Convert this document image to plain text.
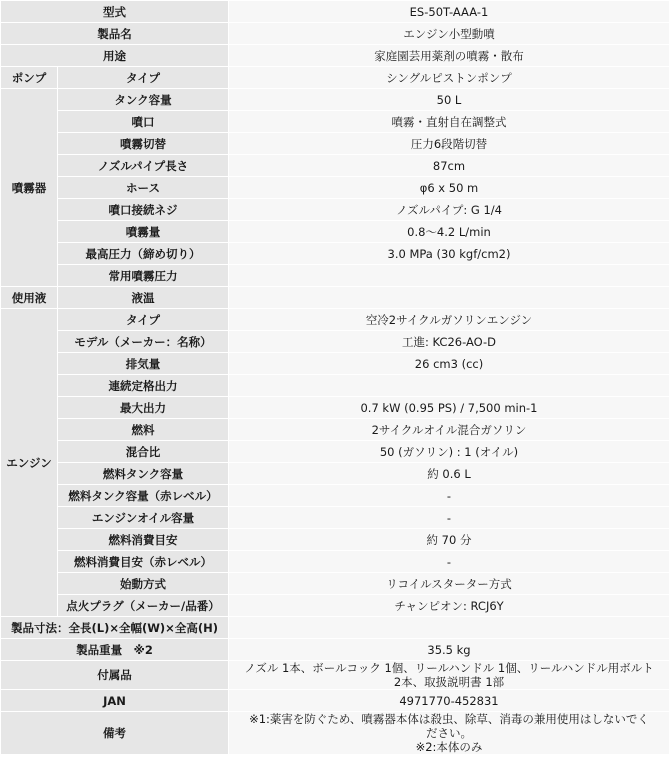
型式		ES-50T-AAA-1
製品名		エンジン小型動噴
用途		家庭園芸用薬剤の噴霧・散布
ポンプ	タイプ	シングルピストンポンプ
噴霧器	タンク容量	50 L
	噴口	噴霧・直射自在調整式
	噴霧切替	圧力6段階切替
	ノズルパイプ長さ	87cm
	ホース	φ6 x 50 m
	噴口接続ネジ	ノズルパイプ: G 1/4
	噴霧量	0.8～4.2 L/min
	最高圧力（締め切り）	3.0 MPa (30 kgf/cm2)
	常用噴霧圧力	
使用液	液温	
エンジン	タイプ	空冷2サイクルガソリンエンジン
	モデル（メーカー：名称）	工進: KC26-AO-D
	排気量	26 cm3 (cc)
	連続定格出力	
	最大出力	0.7 kW (0.95 PS) / 7,500 min-1
	燃料	2サイクルオイル混合ガソリン
	混合比	50 (ガソリン) : 1 (オイル)
	燃料タンク容量	約 0.6 L
	燃料タンク容量（赤レベル）	-
	エンジンオイル容量	-
	燃料消費目安	約 70 分
	燃料消費目安（赤レベル）	-
	始動方式	リコイルスターター方式
	点火プラグ（メーカー/品番）	チャンピオン: RCJ6Y
製品寸法：全長(L)×全幅(W)×全高(H)		
製品重量　※2		35.5 kg
付属品		ノズル 1本、ボールコック 1個、リールハンドル 1個、リールハンドル用ボルト
2本、取扱説明書 1部

JAN		4971770-452831
備考		※1:薬害を防ぐため、噴霧器本体は殺虫、除草、消毒の兼用使用はしないでく
ださい。
※2:本体のみ
